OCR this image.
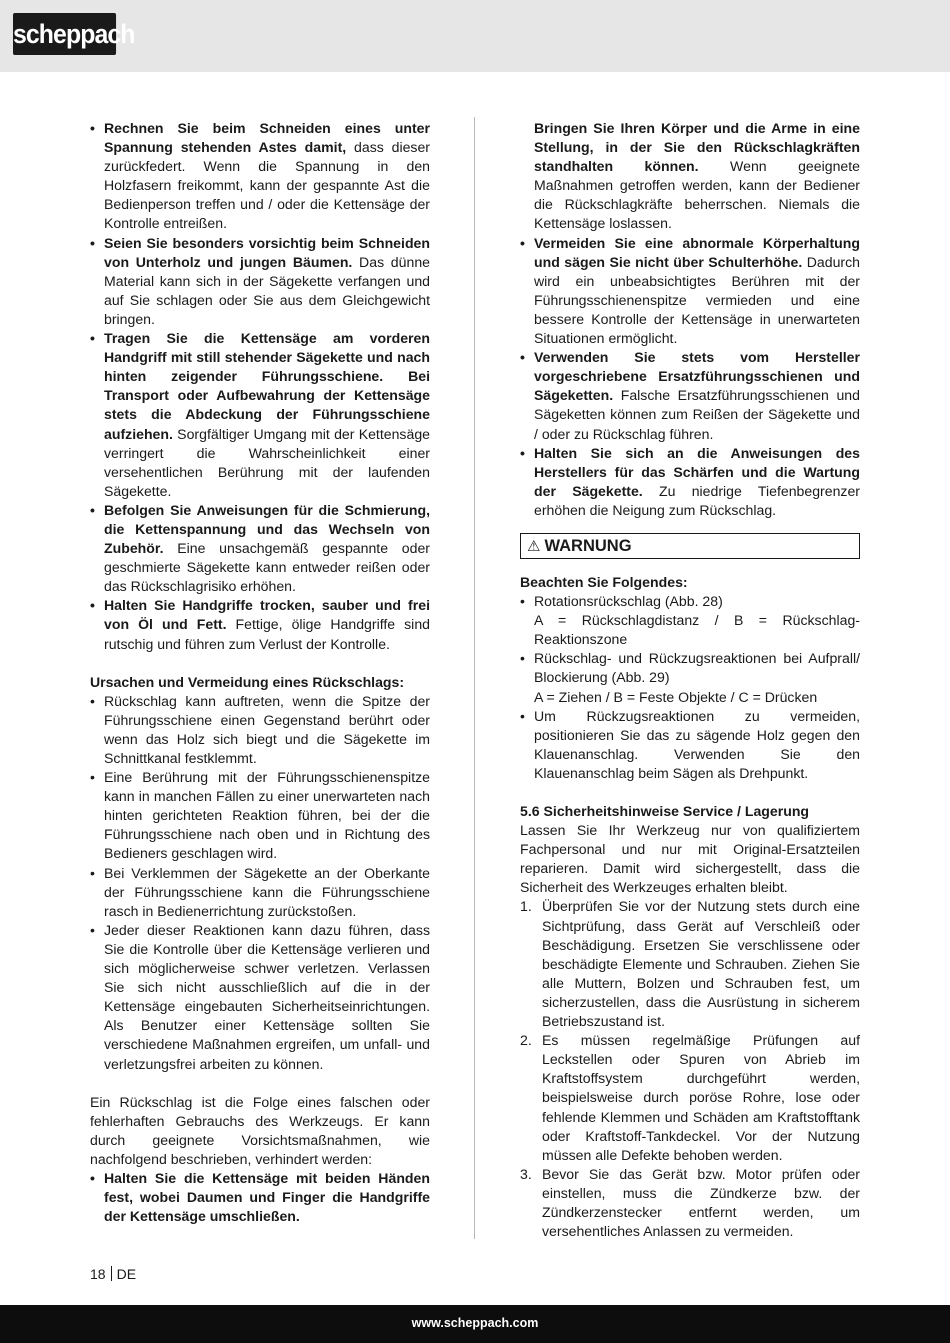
scheppach
• Rechnen Sie beim Schneiden eines unter Spannung stehenden Astes damit, dass dieser zurückfedert. Wenn die Spannung in den Holzfasern freikommt, kann der gespannte Ast die Bedienperson treffen und / oder die Kettensäge der Kontrolle entreißen.
• Seien Sie besonders vorsichtig beim Schneiden von Unterholz und jungen Bäumen. Das dünne Material kann sich in der Sägekette verfangen und auf Sie schlagen oder Sie aus dem Gleichgewicht bringen.
• Tragen Sie die Kettensäge am vorderen Handgriff mit still stehender Sägekette und nach hinten zeigender Führungsschiene. Bei Transport oder Aufbewahrung der Kettensäge stets die Abdeckung der Führungsschiene aufziehen. Sorgfältiger Umgang mit der Kettensäge verringert die Wahrscheinlichkeit einer versehentlichen Berührung mit der laufenden Sägekette.
• Befolgen Sie Anweisungen für die Schmierung, die Kettenspannung und das Wechseln von Zubehör. Eine unsachgemäß gespannte oder geschmierte Sägekette kann entweder reißen oder das Rückschlagrisiko erhöhen.
• Halten Sie Handgriffe trocken, sauber und frei von Öl und Fett. Fettige, ölige Handgriffe sind rutschig und führen zum Verlust der Kontrolle.

Ursachen und Vermeidung eines Rückschlags:

• Rückschlag kann auftreten, wenn die Spitze der Führungsschiene einen Gegenstand berührt oder wenn das Holz sich biegt und die Sägekette im Schnittkanal festklemmt.
• Eine Berührung mit der Führungsschienenspitze kann in manchen Fällen zu einer unerwarteten nach hinten gerichteten Reaktion führen, bei der die Führungsschiene nach oben und in Richtung des Bedieners geschlagen wird.
• Bei Verklemmen der Sägekette an der Oberkante der Führungsschiene kann die Führungsschiene rasch in Bedienerrichtung zurückstoßen.
• Jeder dieser Reaktionen kann dazu führen, dass Sie die Kontrolle über die Kettensäge verlieren und sich möglicherweise schwer verletzen. Verlassen Sie sich nicht ausschließlich auf die in der Kettensäge eingebauten Sicherheitseinrichtungen. Als Benutzer einer Kettensäge sollten Sie verschiedene Maßnahmen ergreifen, um unfall- und verletzungsfrei arbeiten zu können.

Ein Rückschlag ist die Folge eines falschen oder fehlerhaften Gebrauchs des Werkzeugs. Er kann durch geeignete Vorsichtsmaßnahmen, wie nachfolgend beschrieben, verhindert werden:

• Halten Sie die Kettensäge mit beiden Händen fest, wobei Daumen und Finger die Handgriffe der Kettensäge umschließen.

Bringen Sie Ihren Körper und die Arme in eine Stellung, in der Sie den Rückschlagkräften standhalten können. Wenn geeignete Maßnahmen getroffen werden, kann der Bediener die Rückschlagkräfte beherrschen. Niemals die Kettensäge loslassen.

• Vermeiden Sie eine abnormale Körperhaltung und sägen Sie nicht über Schulterhöhe. Dadurch wird ein unbeabsichtigtes Berühren mit der Führungsschienenspitze vermieden und eine bessere Kontrolle der Kettensäge in unerwarteten Situationen ermöglicht.
• Verwenden Sie stets vom Hersteller vorgeschriebene Ersatzführungsschienen und Sägeketten. Falsche Ersatzführungsschienen und Sägeketten können zum Reißen der Sägekette und / oder zu Rückschlag führen.
• Halten Sie sich an die Anweisungen des Herstellers für das Schärfen und die Wartung der Sägekette. Zu niedrige Tiefenbegrenzer erhöhen die Neigung zum Rückschlag.
⚠ WARNUNG

Beachten Sie Folgendes:

• Rotationsrückschlag (Abb. 28)
A = Rückschlagdistanz / B = Rückschlag-Reaktionszone
• Rückschlag- und Rückzugsreaktionen bei Aufprall/ Blockierung (Abb. 29)
A = Ziehen / B = Feste Objekte / C = Drücken
• Um Rückzugsreaktionen zu vermeiden, positionieren Sie das zu sägende Holz gegen den Klauenanschlag. Verwenden Sie den Klauenanschlag beim Sägen als Drehpunkt.

5.6 Sicherheitshinweise Service / Lagerung

Lassen Sie Ihr Werkzeug nur von qualifiziertem Fachpersonal und nur mit Original-Ersatzteilen reparieren. Damit wird sichergestellt, dass die Sicherheit des Werkzeuges erhalten bleibt.

1. Überprüfen Sie vor der Nutzung stets durch eine Sichtprüfung, dass Gerät auf Verschleiß oder Beschädigung. Ersetzen Sie verschlissene oder beschädigte Elemente und Schrauben. Ziehen Sie alle Muttern, Bolzen und Schrauben fest, um sicherzustellen, dass die Ausrüstung in sicherem Betriebszustand ist.
2. Es müssen regelmäßige Prüfungen auf Leckstellen oder Spuren von Abrieb im Kraftstoffsystem durchgeführt werden, beispielsweise durch poröse Rohre, lose oder fehlende Klemmen und Schäden am Kraftstofftank oder Kraftstoff-Tankdeckel. Vor der Nutzung müssen alle Defekte behoben werden.
3. Bevor Sie das Gerät bzw. Motor prüfen oder einstellen, muss die Zündkerze bzw. der Zündkerzenstecker entfernt werden, um versehentliches Anlassen zu vermeiden.
18 DE
www.scheppach.com
